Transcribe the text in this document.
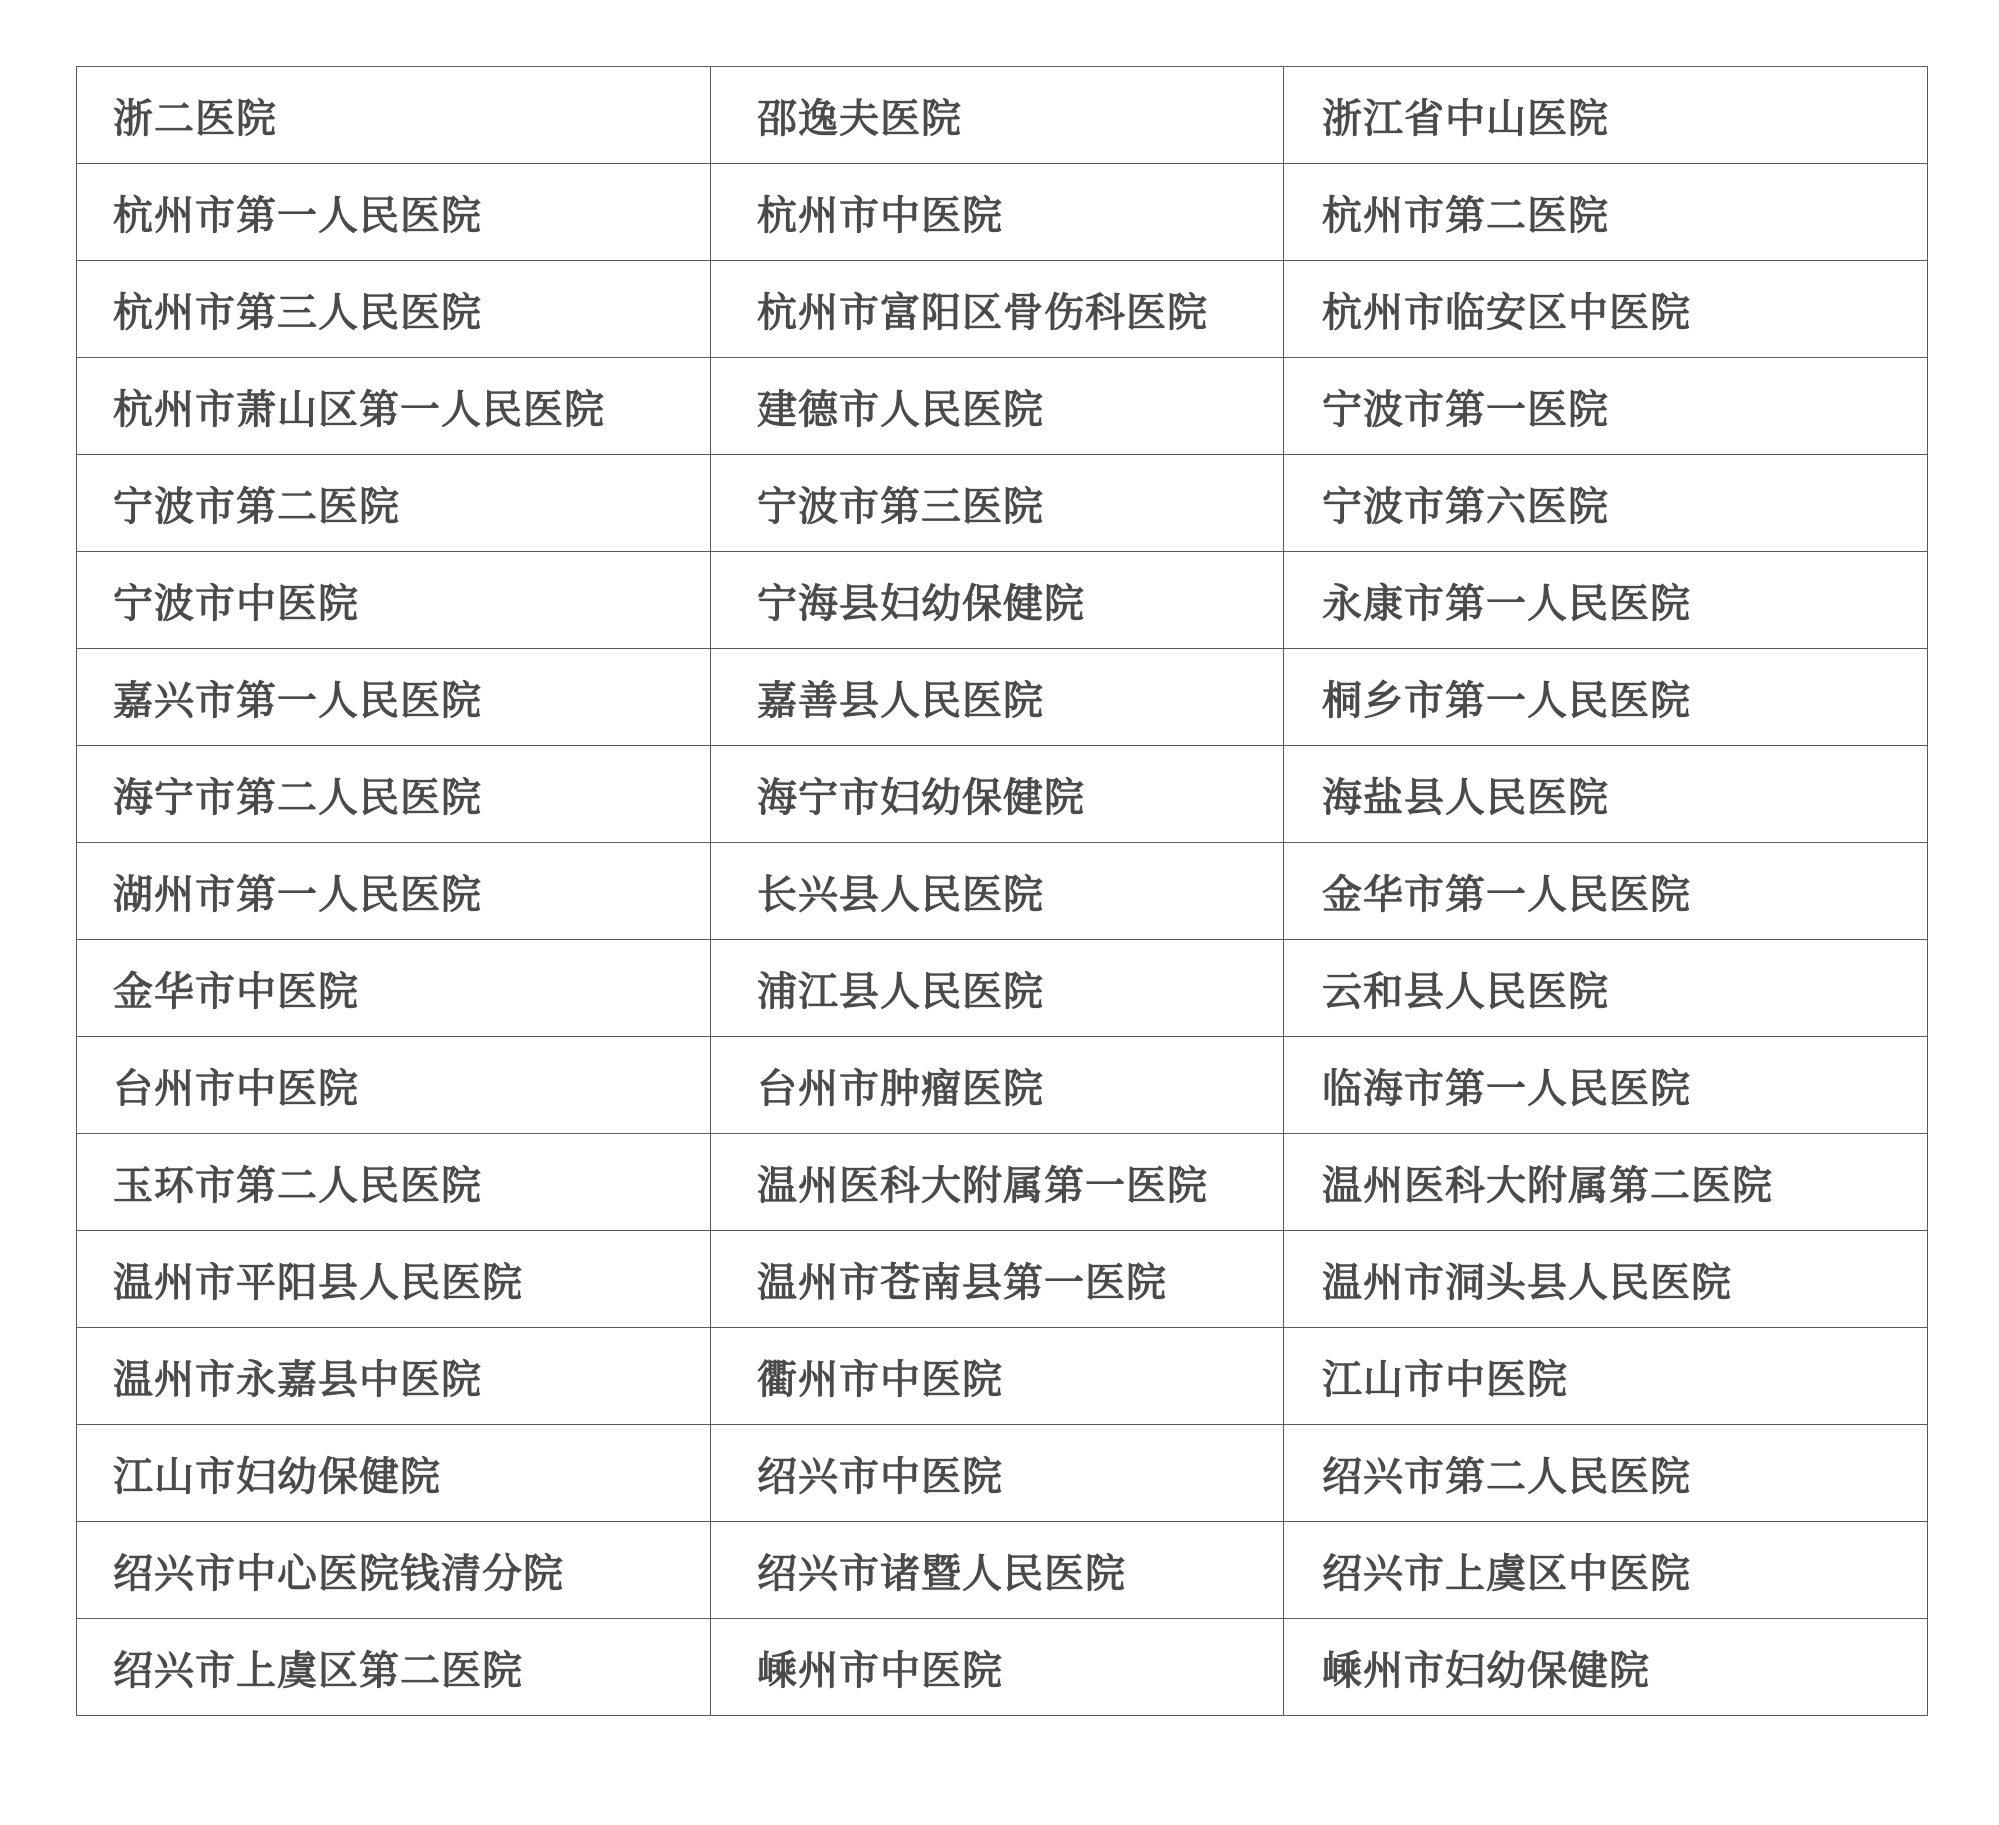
浙二医院	邵逸夫医院	浙江省中山医院
杭州市第一人民医院	杭州市中医院	杭州市第二医院
杭州市第三人民医院	杭州市富阳区骨伤科医院	杭州市临安区中医院
杭州市萧山区第一人民医院	建德市人民医院	宁波市第一医院
宁波市第二医院	宁波市第三医院	宁波市第六医院
宁波市中医院	宁海县妇幼保健院	永康市第一人民医院
嘉兴市第一人民医院	嘉善县人民医院	桐乡市第一人民医院
海宁市第二人民医院	海宁市妇幼保健院	海盐县人民医院
湖州市第一人民医院	长兴县人民医院	金华市第一人民医院
金华市中医院	浦江县人民医院	云和县人民医院
台州市中医院	台州市肿瘤医院	临海市第一人民医院
玉环市第二人民医院	温州医科大附属第一医院	温州医科大附属第二医院
温州市平阳县人民医院	温州市苍南县第一医院	温州市洞头县人民医院
温州市永嘉县中医院	衢州市中医院	江山市中医院
江山市妇幼保健院	绍兴市中医院	绍兴市第二人民医院
绍兴市中心医院钱清分院	绍兴市诸暨人民医院	绍兴市上虞区中医院
绍兴市上虞区第二医院	嵊州市中医院	嵊州市妇幼保健院
